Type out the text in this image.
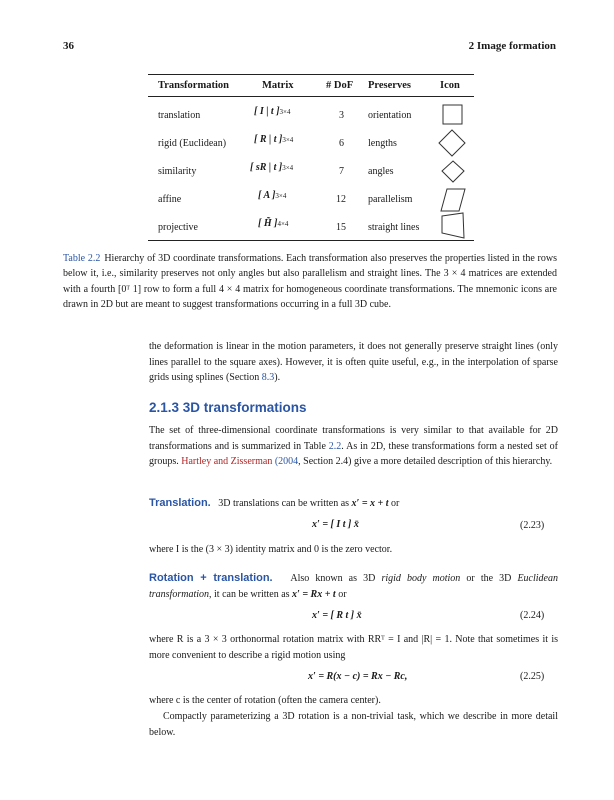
36	2 Image formation
Transformation	Matrix	# DoF Preserves	Icon
translation	[ I | t ]3×4	3 orientation
rigid (Euclidean)	[ R | t ]3×4	6 lengths
similarity	[ sR | t ]3×4	7 angles
affine	[ A ]3×4	12 parallelism
projective	[ H̃ ]4×4	15 straight lines
Table 2.2 Hierarchy of 3D coordinate transformations. Each transformation also preserves the properties listed in the rows below it, i.e., similarity preserves not only angles but also parallelism and straight lines. The 3 × 4 matrices are extended with a fourth [0ᵀ 1] row to form a full 4 × 4 matrix for homogeneous coordinate transformations. The mnemonic icons are drawn in 2D but are meant to suggest transformations occurring in a full 3D cube.
the deformation is linear in the motion parameters, it does not generally preserve straight lines (only lines parallel to the square axes). However, it is often quite useful, e.g., in the interpolation of sparse grids using splines (Section 8.3).
2.1.3 3D transformations
The set of three-dimensional coordinate transformations is very similar to that available for 2D transformations and is summarized in Table 2.2. As in 2D, these transformations form a nested set of groups. Hartley and Zisserman (2004, Section 2.4) give a more detailed description of this hierarchy.
Translation. 3D translations can be written as x′ = x + t or
x′ = [ I t ] x̄	(2.23)
where I is the (3 × 3) identity matrix and 0 is the zero vector.
Rotation + translation. Also known as 3D rigid body motion or the 3D Euclidean transformation, it can be written as x′ = Rx + t or
x′ = [ R t ] x̄	(2.24)
where R is a 3 × 3 orthonormal rotation matrix with RRᵀ = I and |R| = 1. Note that sometimes it is more convenient to describe a rigid motion using
x′ = R(x − c) = Rx − Rc,	(2.25)
where c is the center of rotation (often the camera center).
Compactly parameterizing a 3D rotation is a non-trivial task, which we describe in more detail below.
